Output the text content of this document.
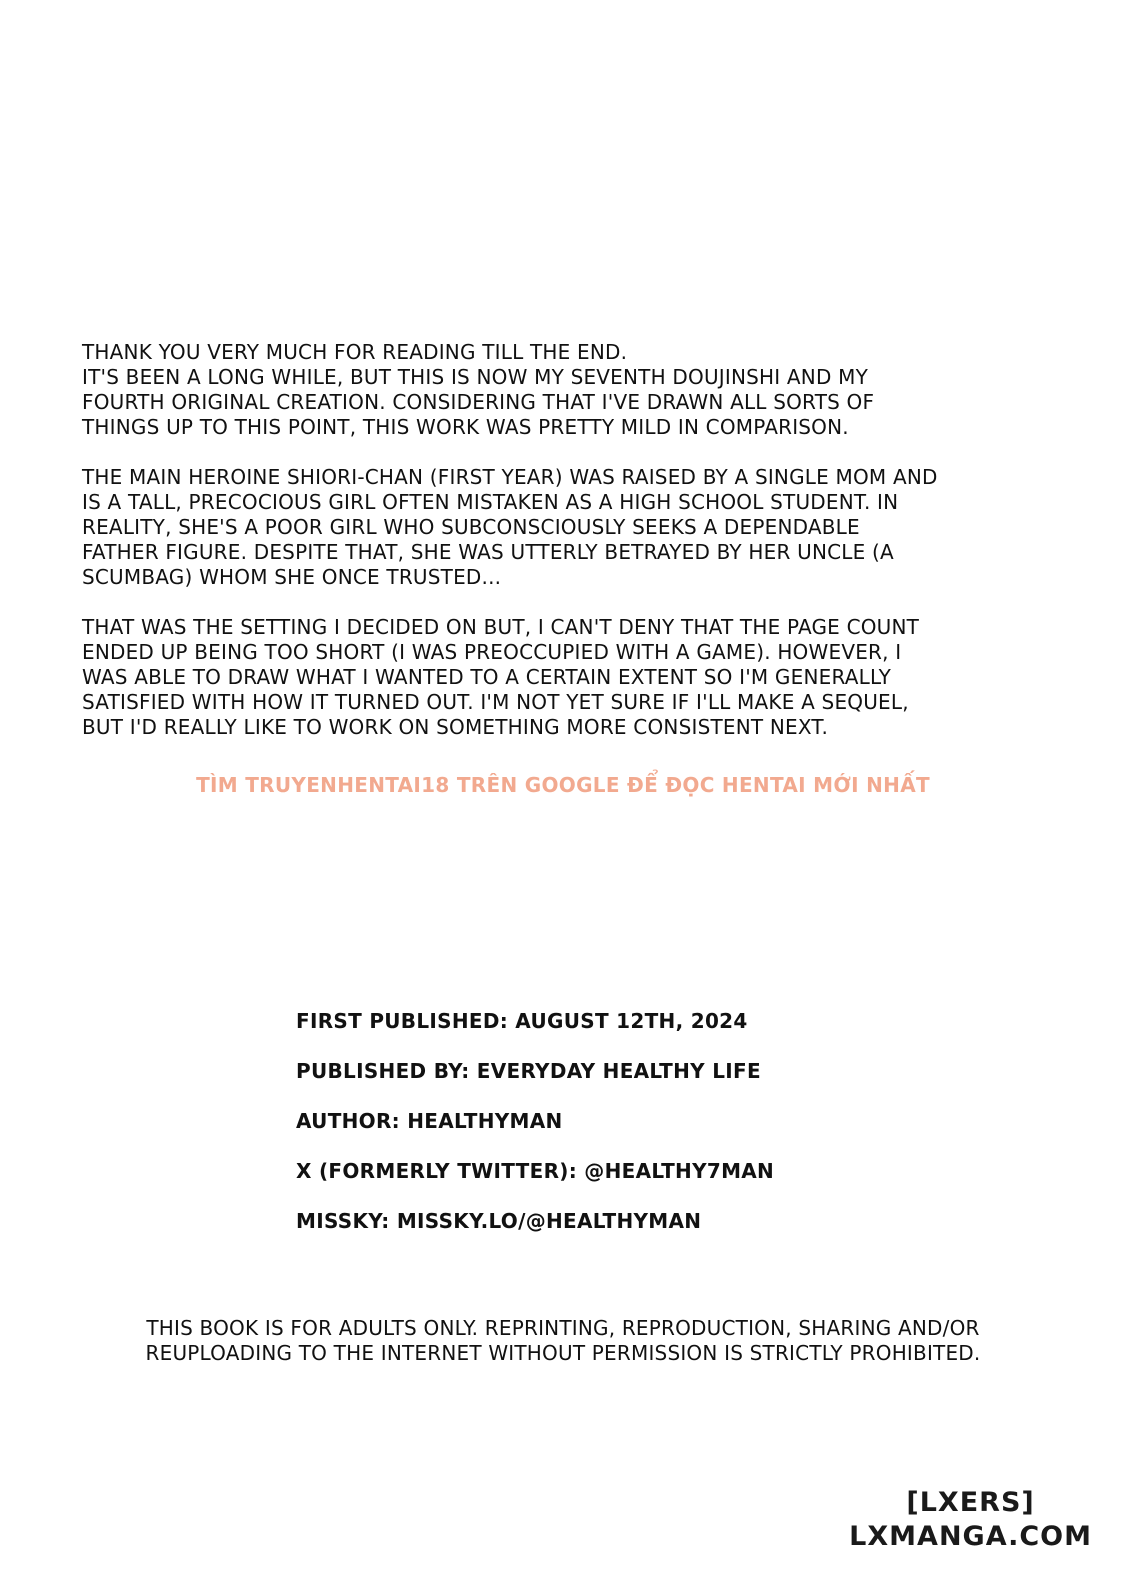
THANK YOU VERY MUCH FOR READING TILL THE END.
IT'S BEEN A LONG WHILE, BUT THIS IS NOW MY SEVENTH DOUJINSHI AND MY
FOURTH ORIGINAL CREATION. CONSIDERING THAT I'VE DRAWN ALL SORTS OF
THINGS UP TO THIS POINT, THIS WORK WAS PRETTY MILD IN COMPARISON.

THE MAIN HEROINE SHIORI-CHAN (FIRST YEAR) WAS RAISED BY A SINGLE MOM AND
IS A TALL, PRECOCIOUS GIRL OFTEN MISTAKEN AS A HIGH SCHOOL STUDENT. IN
REALITY, SHE'S A POOR GIRL WHO SUBCONSCIOUSLY SEEKS A DEPENDABLE
FATHER FIGURE. DESPITE THAT, SHE WAS UTTERLY BETRAYED BY HER UNCLE (A
SCUMBAG) WHOM SHE ONCE TRUSTED...

THAT WAS THE SETTING I DECIDED ON BUT, I CAN'T DENY THAT THE PAGE COUNT
ENDED UP BEING TOO SHORT (I WAS PREOCCUPIED WITH A GAME). HOWEVER, I
WAS ABLE TO DRAW WHAT I WANTED TO A CERTAIN EXTENT SO I'M GENERALLY
SATISFIED WITH HOW IT TURNED OUT. I'M NOT YET SURE IF I'LL MAKE A SEQUEL,
BUT I'D REALLY LIKE TO WORK ON SOMETHING MORE CONSISTENT NEXT.

TÌM TRUYENHENTAI18 TRÊN GOOGLE ĐỂ ĐỌC HENTAI MỚI NHẤT
FIRST PUBLISHED: AUGUST 12TH, 2024
PUBLISHED BY: EVERYDAY HEALTHY LIFE
AUTHOR: HEALTHYMAN
X (FORMERLY TWITTER): @HEALTHY7MAN
MISSKY: MISSKY.LO/@HEALTHYMAN
THIS BOOK IS FOR ADULTS ONLY. REPRINTING, REPRODUCTION, SHARING AND/OR
REUPLOADING TO THE INTERNET WITHOUT PERMISSION IS STRICTLY PROHIBITED.
[LXERS]
LXMANGA.COM
